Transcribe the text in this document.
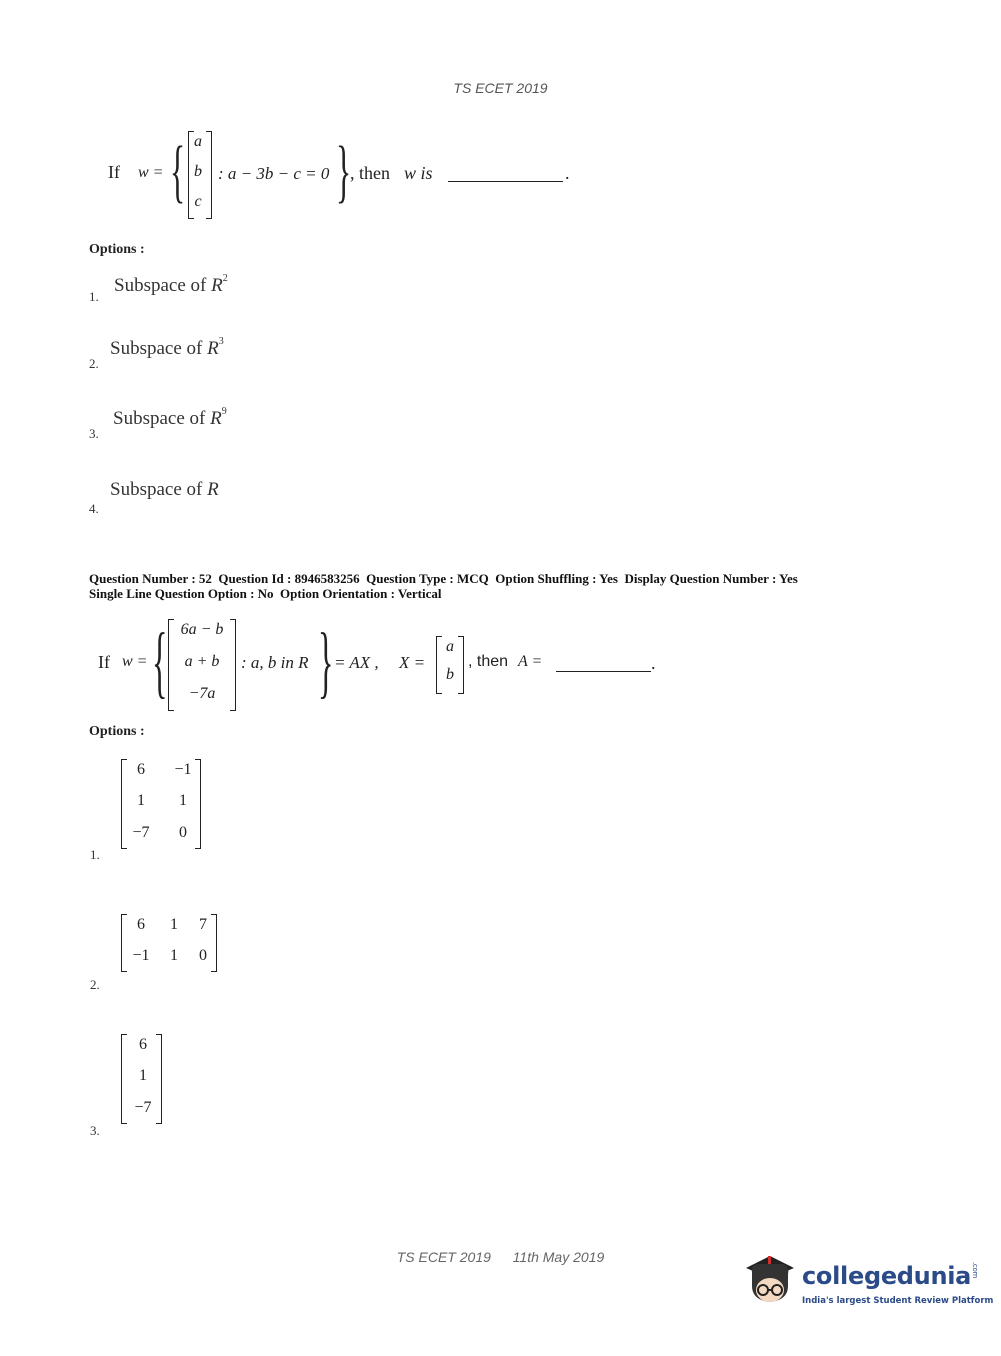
TS ECET 2019
If w = { a
b
c
: a − 3b − c = 0 }
, then w is	.
Options :
1.
Subspace of $R^2$
2.
Subspace of $R^3$
3.
Subspace of $R^9$
4.
Subspace of R
Question Number : 52  Question Id : 8946583256  Question Type : MCQ  Option Shuffling : Yes  Display Question Number : Yes
Single Line Question Option : No  Option Orientation : Vertical
If w = { 6a − b
a + b
−7a
: a, b in R } = AX , X =
a
b
, then A =	.
Options :
6	−1
1	1
−7	0
1.
6	1	7
−1	1	0
2.
6
1
−7
3.
TS ECET 2019 11th May 2019
collegedunia.com
India's largest Student Review Platform
